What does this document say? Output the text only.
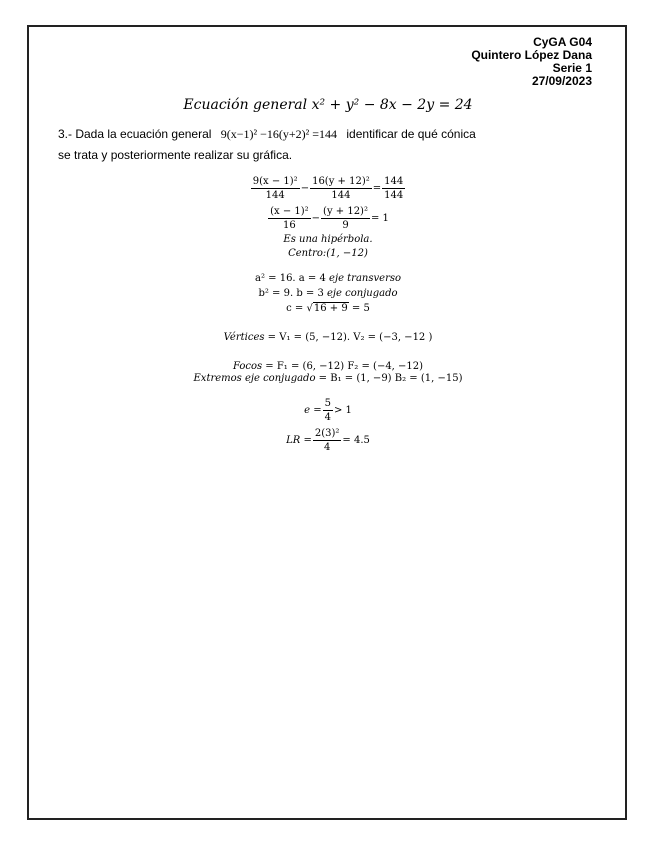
CyGA G04
Quintero López Dana
Serie 1
27/09/2023
Ecuación general x² + y² − 8x − 2y = 24
3.- Dada la ecuación general 9(x−1)² −16(y+2)² =144 identificar de qué cónica
se trata y posteriormente realizar su gráfica.
$\frac{\text{9(x − 1)²}}{144} - \frac{\text{16(y + 12)²}}{144} = \frac{144}{144}$
$\frac{\text{(x − 1)²}}{16} - \frac{\text{(y + 12)²}}{9} = 1$
Es una hipérbola.
Centro:(1, −12)
a² = 16. a = 4 eje transverso
b² = 9. b = 3 eje conjugado
c = √16 + 9 = 5
Vértices = V₁ = (5, −12). V₂ = (−3, −12 )
Focos = F₁ = (6, −12) F₂ = (−4, −12)
Extremos eje conjugado = B₁ = (1, −9) B₂ = (1, −15)
$e = \frac{5}{4} > 1$
LR = $\frac{\text{2(3)²}}{4} = 4.5$
